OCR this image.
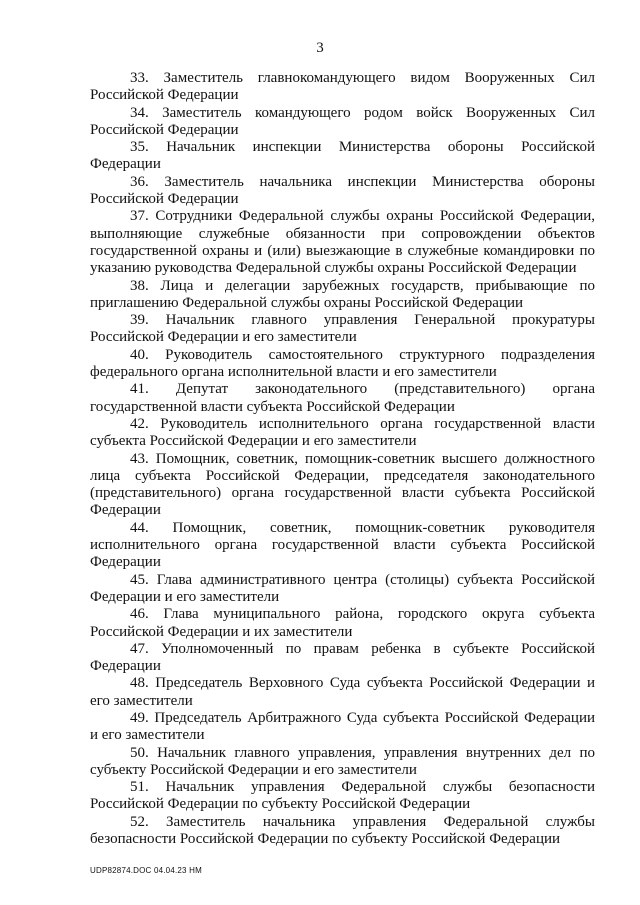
3

33. Заместитель главнокомандующего видом Вооруженных Сил Российской Федерации

34. Заместитель командующего родом войск Вооруженных Сил Российской Федерации

35. Начальник инспекции Министерства обороны Российской Федерации

36. Заместитель начальника инспекции Министерства обороны Российской Федерации

37. Сотрудники Федеральной службы охраны Российской Федерации, выполняющие служебные обязанности при сопровождении объектов государственной охраны и (или) выезжающие в служебные командировки по указанию руководства Федеральной службы охраны Российской Федерации

38. Лица и делегации зарубежных государств, прибывающие по приглашению Федеральной службы охраны Российской Федерации

39. Начальник главного управления Генеральной прокуратуры Российской Федерации и его заместители

40. Руководитель самостоятельного структурного подразделения федерального органа исполнительной власти и его заместители

41. Депутат законодательного (представительного) органа государственной власти субъекта Российской Федерации

42. Руководитель исполнительного органа государственной власти субъекта Российской Федерации и его заместители

43. Помощник, советник, помощник-советник высшего должностного лица субъекта Российской Федерации, председателя законодательного (представительного) органа государственной власти субъекта Российской Федерации

44. Помощник, советник, помощник-советник руководителя исполнительного органа государственной власти субъекта Российской Федерации

45. Глава административного центра (столицы) субъекта Российской Федерации и его заместители

46. Глава муниципального района, городского округа субъекта Российской Федерации и их заместители

47. Уполномоченный по правам ребенка в субъекте Российской Федерации

48. Председатель Верховного Суда субъекта Российской Федерации и его заместители

49. Председатель Арбитражного Суда субъекта Российской Федерации и его заместители

50. Начальник главного управления, управления внутренних дел по субъекту Российской Федерации и его заместители

51. Начальник управления Федеральной службы безопасности Российской Федерации по субъекту Российской Федерации

52. Заместитель начальника управления Федеральной службы безопасности Российской Федерации по субъекту Российской Федерации

UDP82874.DOC 04.04.23 HM
